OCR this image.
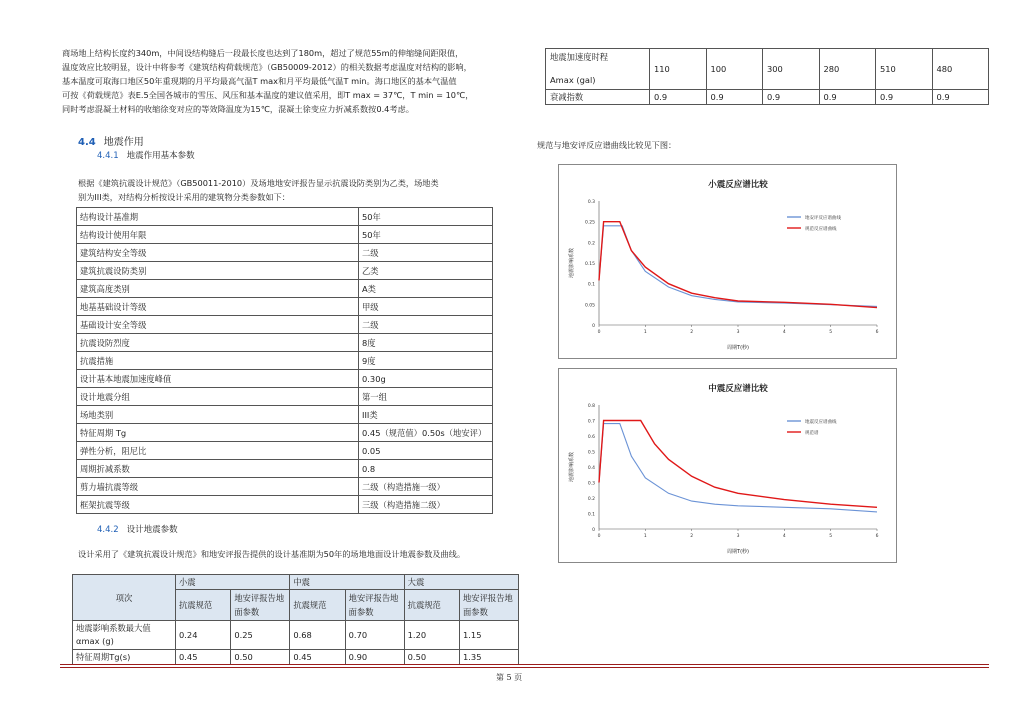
商场地上结构长度约340m，中间设结构缝后一段最长度也达到了180m，超过了规范55m的伸缩缝间距限值，

温度效应比较明显，设计中将参考《建筑结构荷载规范》（GB50009-2012）的相关数据考虑温度对结构的影响，

基本温度可取海口地区50年重现期的月平均最高气温T max和月平均最低气温T min。海口地区的基本气温值

可按《荷载规范》表E.5全国各城市的雪压、风压和基本温度的建议值采用，即T max = 37℃，T min = 10℃，

同时考虑混凝土材料的收缩徐变对应的等效降温度为15℃，混凝土徐变应力折减系数按0.4考虑。

4.4 地震作用
4.4.1 地震作用基本参数

根据《建筑抗震设计规范》（GB50011-2010）及场地地安评报告显示抗震设防类别为乙类，场地类

别为III类，对结构分析按设计采用的建筑物分类参数如下：

结构设计基准期	50年
结构设计使用年限	50年
建筑结构安全等级	二级
建筑抗震设防类别	乙类
建筑高度类别	A类
地基基础设计等级	甲级
基础设计安全等级	二级
抗震设防烈度	8度
抗震措施	9度
设计基本地震加速度峰值	0.30g
设计地震分组	第一组
场地类别	III类
特征周期 Tg	0.45（规范值）0.50s（地安评）
弹性分析，阻尼比	0.05
周期折减系数	0.8
剪力墙抗震等级	二级（构造措施一级）
框架抗震等级	三级（构造措施二级）
4.4.2 设计地震参数

设计采用了《建筑抗震设计规范》和地安评报告提供的设计基准期为50年的场地地面设计地震参数及曲线。

项次	小震		中震		大震	
	抗震规范	地安评报告地面参数	抗震规范	地安评报告地面参数	抗震规范	地安评报告地面参数
地震影响系数最大值αmax (g)	0.24	0.25	0.68	0.70	1.20	1.15
特征周期Tg(s)	0.45	0.50	0.45	0.90	0.50	1.35
地震加速度时程
Amax (gal)	110	100	300	280	510	480
衰减指数	0.9	0.9	0.9	0.9	0.9	0.9

规范与地安评反应谱曲线比较见下图：

小震反应谱比较
0
0.05
0.1
0.15
0.2
0.25
0.3
0	1	2	3	4	5	6
周期T(秒)
地震影响系数
地安评反应谱曲线
规范反应谱曲线
中震反应谱比较
0
0.1
0.2
0.3
0.4
0.5
0.6
0.7
0.8
0	1	2	3	4	5	6
周期T(秒)
地震影响系数
地震反应谱曲线
规范谱
第 5 页
